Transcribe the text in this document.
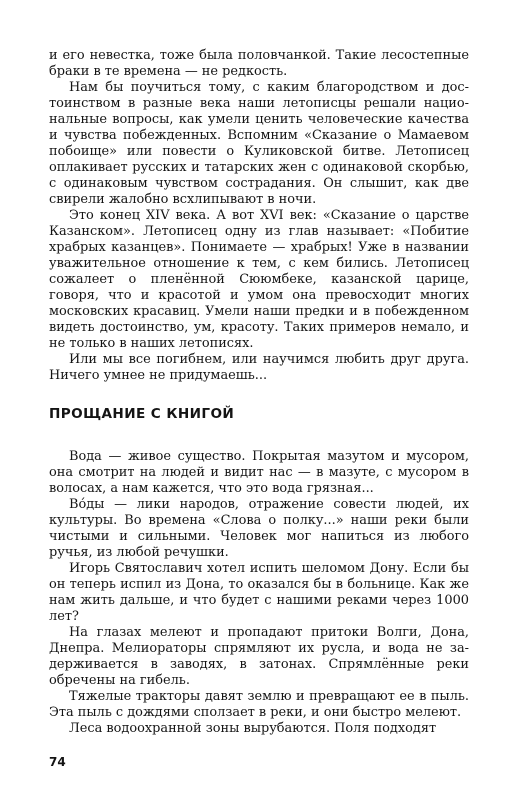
и его невестка, тоже была половчанкой. Такие лесостепные браки в те времена — не редкость.

Нам бы поучиться тому, с каким благородством и достоинством в разные века наши летописцы решали национальные вопросы, как умели ценить человеческие качества и чувства побежденных. Вспомним «Сказание о Мамаевом побоище» или повести о Куликовской битве. Летописец оплакивает русских и татарских жен с одинаковой скорбью, с одинаковым чувством сострадания. Он слышит, как две свирели жалобно всхлипывают в ночи.

Это конец XIV века. А вот XVI век: «Сказание о царстве Казанском». Летописец одну из глав называет: «Побитие храбрых казанцев». Понимаете — храбрых! Уже в названии уважительное отношение к тем, с кем бились. Летописец сожалеет о пленённой Сююмбеке, казанской царице, говоря, что и красотой и умом она превосходит многих московских красавиц. Умели наши предки и в побежденном видеть достоинство, ум, красоту. Таких примеров немало, и не только в наших летописях.

Или мы все погибнем, или научимся любить друг друга. Ничего умнее не придумаешь...

ПРОЩАНИЕ С КНИГОЙ

Вода — живое существо. Покрытая мазутом и мусором, она смотрит на людей и видит нас — в мазуте, с мусором в волосах, а нам кажется, что это вода грязная...

Во́ды — лики народов, отражение совести людей, их культуры. Во времена «Слова о полку...» наши реки были чистыми и сильными. Человек мог напиться из любого ручья, из любой речушки.

Игорь Святославич хотел испить шеломом Дону. Если бы он теперь испил из Дона, то оказался бы в больнице. Как же нам жить дальше, и что будет с нашими реками через 1000 лет?

На глазах мелеют и пропадают притоки Волги, Дона, Днепра. Мелиораторы спрямляют их русла, и вода не задерживается в заводях, в затонах. Спрямлённые реки обречены на гибель.

Тяжелые тракторы давят землю и превращают ее в пыль. Эта пыль с дождями сползает в реки, и они быстро мелеют.

Леса водоохранной зоны вырубаются. Поля подходят

74
